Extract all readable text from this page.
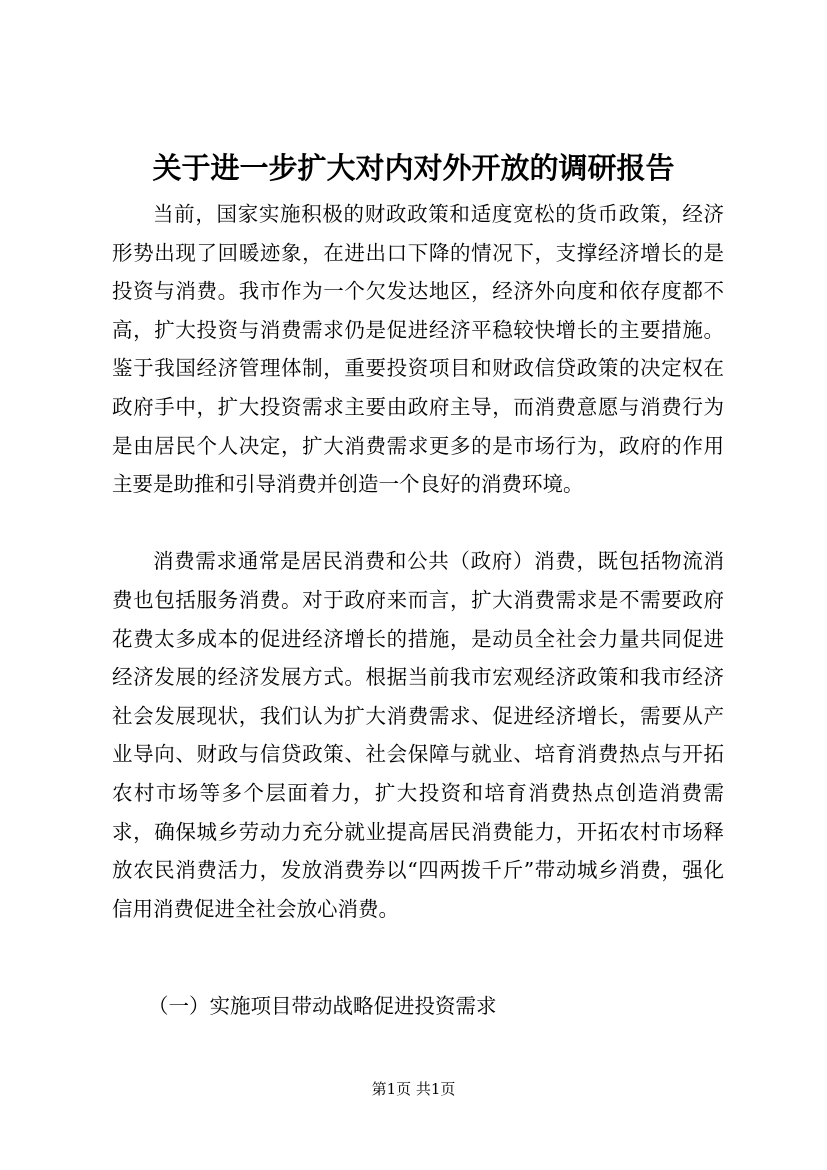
关于进一步扩大对内对外开放的调研报告

当前，国家实施积极的财政政策和适度宽松的货币政策，经济形势出现了回暖迹象，在进出口下降的情况下，支撑经济增长的是投资与消费。我市作为一个欠发达地区，经济外向度和依存度都不高，扩大投资与消费需求仍是促进经济平稳较快增长的主要措施。鉴于我国经济管理体制，重要投资项目和财政信贷政策的决定权在政府手中，扩大投资需求主要由政府主导，而消费意愿与消费行为是由居民个人决定，扩大消费需求更多的是市场行为，政府的作用主要是助推和引导消费并创造一个良好的消费环境。

消费需求通常是居民消费和公共（政府）消费，既包括物流消费也包括服务消费。对于政府来而言，扩大消费需求是不需要政府花费太多成本的促进经济增长的措施，是动员全社会力量共同促进经济发展的经济发展方式。根据当前我市宏观经济政策和我市经济社会发展现状，我们认为扩大消费需求、促进经济增长，需要从产业导向、财政与信贷政策、社会保障与就业、培育消费热点与开拓农村市场等多个层面着力，扩大投资和培育消费热点创造消费需求，确保城乡劳动力充分就业提高居民消费能力，开拓农村市场释放农民消费活力，发放消费券以“四两拨千斤”带动城乡消费，强化信用消费促进全社会放心消费。

（一）实施项目带动战略促进投资需求
第1页 共1页
